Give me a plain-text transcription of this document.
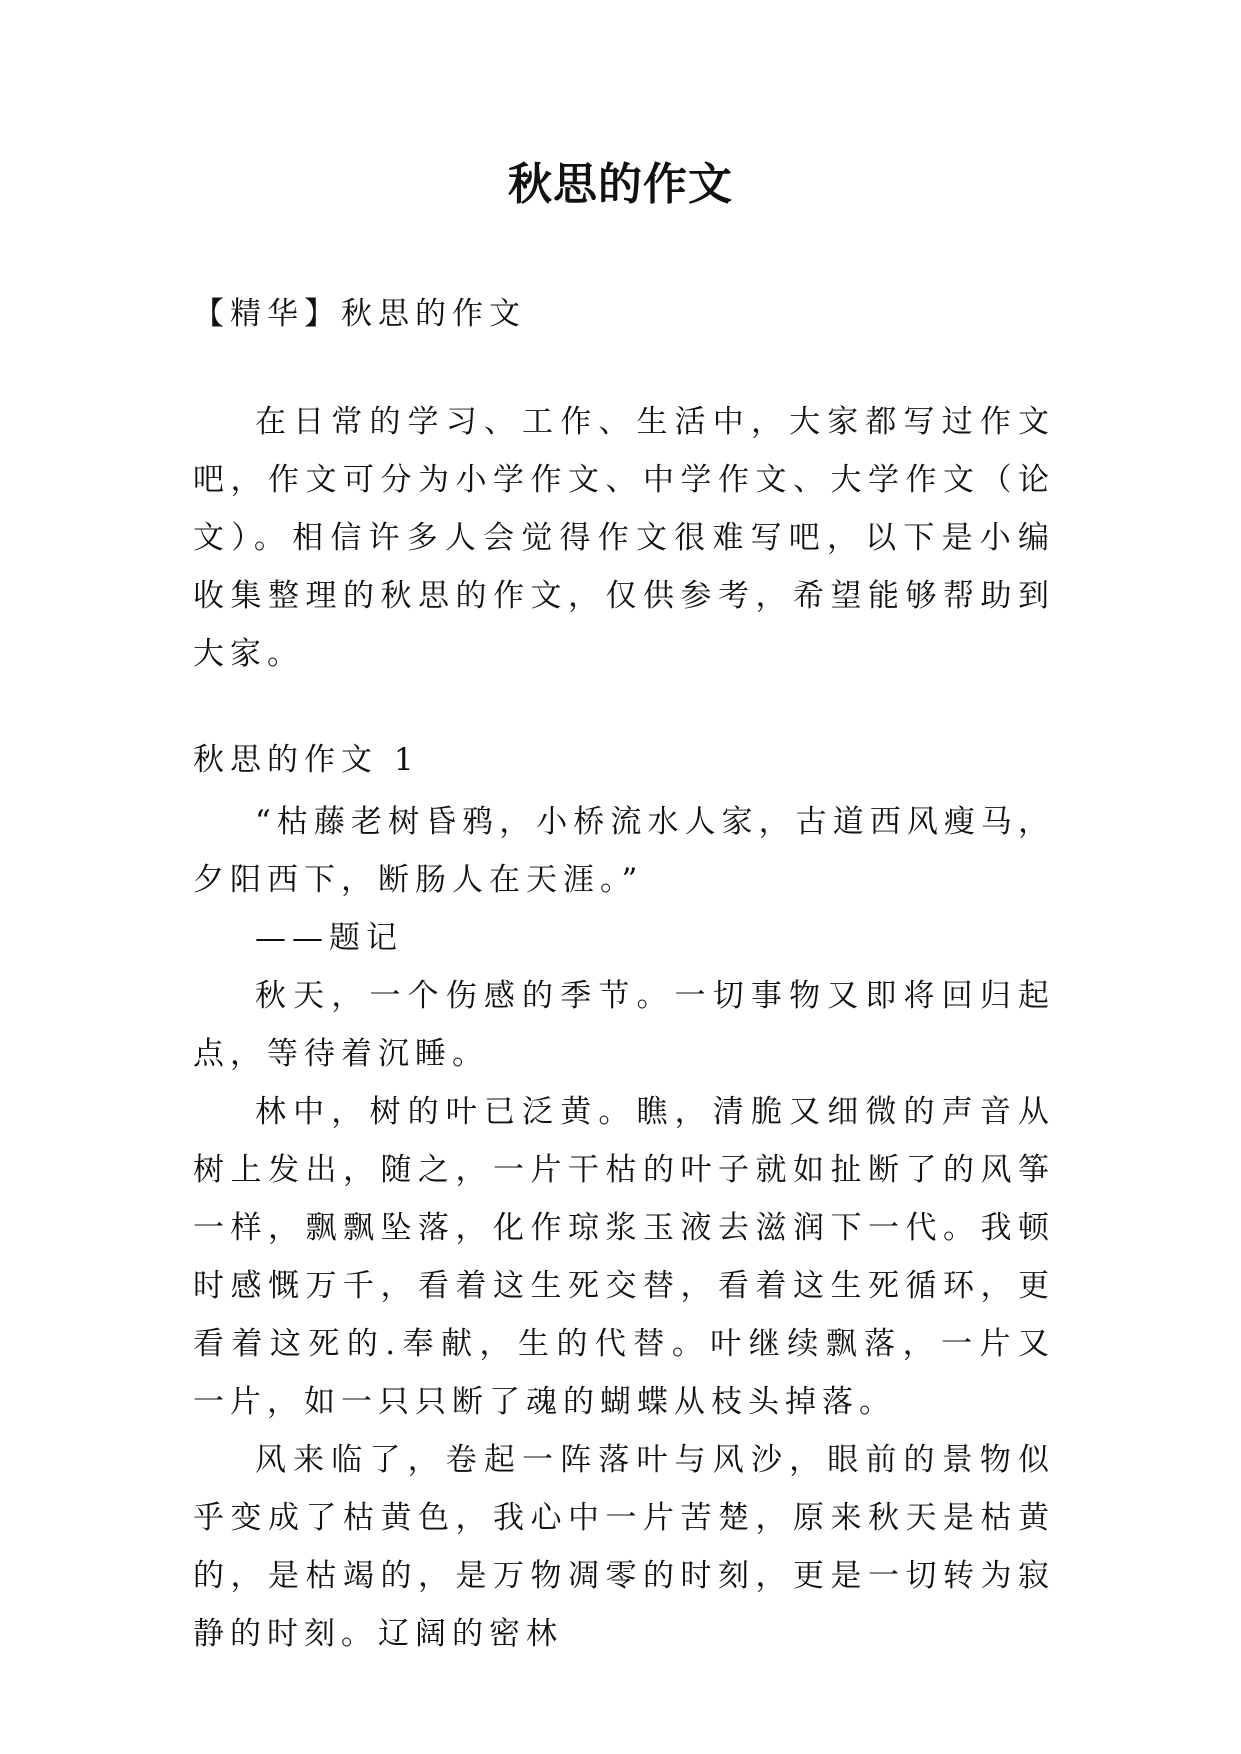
秋思的作文

【精华】秋思的作文

在日常的学习、工作、生活中，大家都写过作文吧，作文可分为小学作文、中学作文、大学作文（论文）。相信许多人会觉得作文很难写吧，以下是小编收集整理的秋思的作文，仅供参考，希望能够帮助到大家。

秋思的作文 1

“枯藤老树昏鸦，小桥流水人家，古道西风瘦马，夕阳西下，断肠人在天涯。”

——题记

秋天，一个伤感的季节。一切事物又即将回归起点，等待着沉睡。

林中，树的叶已泛黄。瞧，清脆又细微的声音从树上发出，随之，一片干枯的叶子就如扯断了的风筝一样，飘飘坠落，化作琼浆玉液去滋润下一代。我顿时感慨万千，看着这生死交替，看着这生死循环，更看着这死的.奉献，生的代替。叶继续飘落，一片又一片，如一只只断了魂的蝴蝶从枝头掉落。

风来临了，卷起一阵落叶与风沙，眼前的景物似乎变成了枯黄色，我心中一片苦楚，原来秋天是枯黄的，是枯竭的，是万物凋零的时刻，更是一切转为寂静的时刻。辽阔的密林
